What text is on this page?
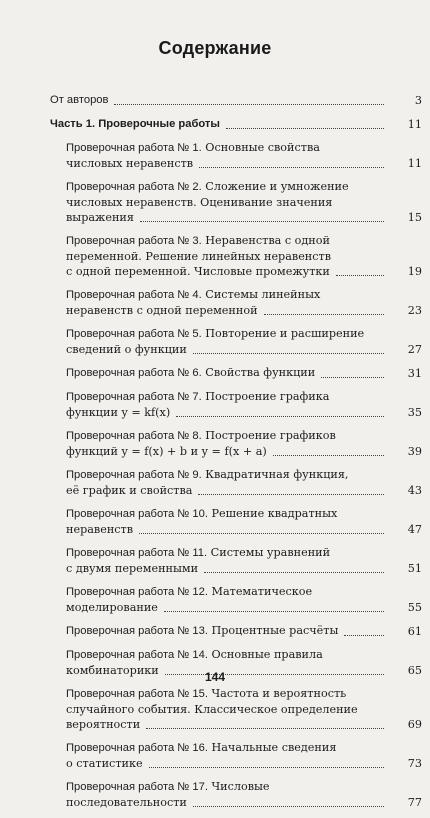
Содержание
От авторов	3
Часть 1. Проверочные работы	11
Проверочная работа № 1. Основные свойства
числовых неравенств	11
Проверочная работа № 2. Сложение и умножение
числовых неравенств. Оценивание значения
выражения	15
Проверочная работа № 3. Неравенства с одной
переменной. Решение линейных неравенств
с одной переменной. Числовые промежутки	19
Проверочная работа № 4. Системы линейных
неравенств с одной переменной	23
Проверочная работа № 5. Повторение и расширение
сведений о функции	27
Проверочная работа № 6. Свойства функции	31
Проверочная работа № 7. Построение графика
функции y = kf(x)	35
Проверочная работа № 8. Построение графиков
функций y = f(x) + b и y = f(x + a)	39
Проверочная работа № 9. Квадратичная функция,
её график и свойства	43
Проверочная работа № 10. Решение квадратных
неравенств	47
Проверочная работа № 11. Системы уравнений
с двумя переменными	51
Проверочная работа № 12. Математическое
моделирование	55
Проверочная работа № 13. Процентные расчёты	61
Проверочная работа № 14. Основные правила
комбинаторики	65
Проверочная работа № 15. Частота и вероятность
случайного события. Классическое определение
вероятности	69
Проверочная работа № 16. Начальные сведения
о статистике	73
Проверочная работа № 17. Числовые
последовательности	77
144
